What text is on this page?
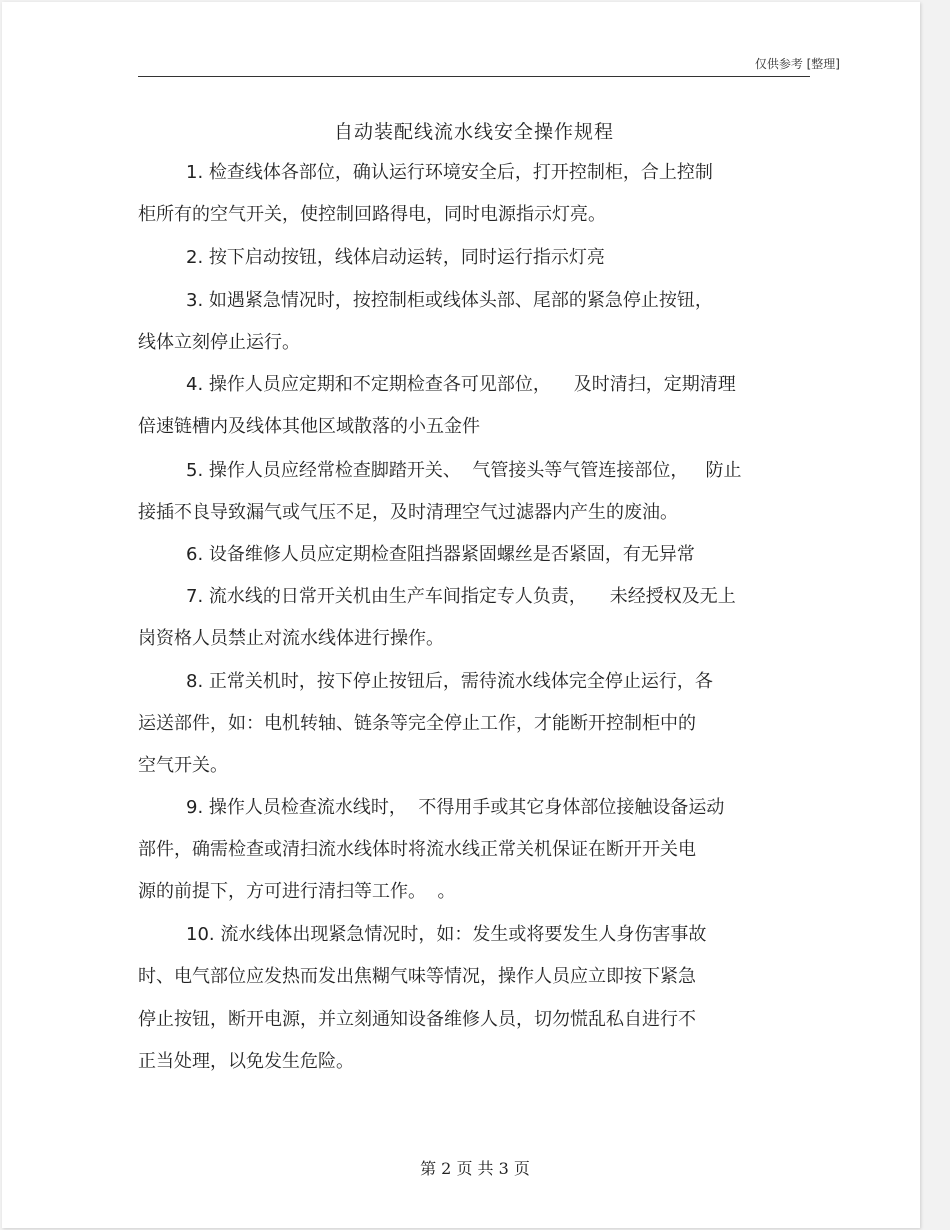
仅供参考 [整理]
自动装配线流水线安全操作规程
1. 检查线体各部位，确认运行环境安全后，打开控制柜，合上控制
柜所有的空气开关，使控制回路得电，同时电源指示灯亮。
2. 按下启动按钮，线体启动运转，同时运行指示灯亮
3. 如遇紧急情况时，按控制柜或线体头部、尾部的紧急停止按钮，
线体立刻停止运行。
4. 操作人员应定期和不定期检查各可见部位，    及时清扫，定期清理
倍速链槽内及线体其他区域散落的小五金件
5. 操作人员应经常检查脚踏开关、  气管接头等气管连接部位，   防止
接插不良导致漏气或气压不足，及时清理空气过滤器内产生的废油。
6. 设备维修人员应定期检查阻挡器紧固螺丝是否紧固，有无异常
7. 流水线的日常开关机由生产车间指定专人负责，    未经授权及无上
岗资格人员禁止对流水线体进行操作。
8. 正常关机时，按下停止按钮后，需待流水线体完全停止运行，各
运送部件，如：电机转轴、链条等完全停止工作，才能断开控制柜中的
空气开关。
9. 操作人员检查流水线时，  不得用手或其它身体部位接触设备运动
部件，确需检查或清扫流水线体时将流水线正常关机保证在断开开关电
源的前提下，方可进行清扫等工作。  。
10. 流水线体出现紧急情况时，如：发生或将要发生人身伤害事故
时、电气部位应发热而发出焦糊气味等情况，操作人员应立即按下紧急
停止按钮，断开电源，并立刻通知设备维修人员，切勿慌乱私自进行不
正当处理，以免发生危险。
第 2 页 共 3 页
